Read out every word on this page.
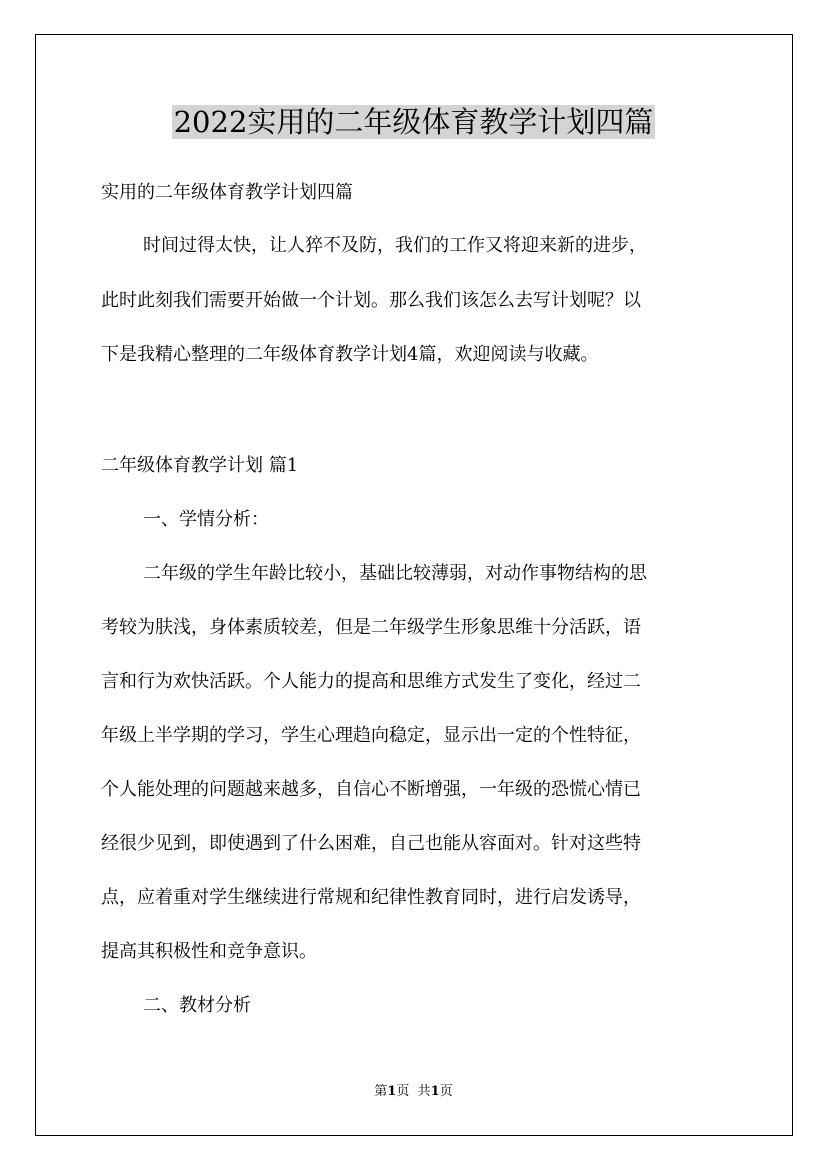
2022实用的二年级体育教学计划四篇
实用的二年级体育教学计划四篇
时间过得太快，让人猝不及防，我们的工作又将迎来新的进步，
此时此刻我们需要开始做一个计划。那么我们该怎么去写计划呢？以
下是我精心整理的二年级体育教学计划4篇，欢迎阅读与收藏。
二年级体育教学计划 篇1
一、学情分析：
二年级的学生年龄比较小，基础比较薄弱，对动作事物结构的思
考较为肤浅，身体素质较差，但是二年级学生形象思维十分活跃，语
言和行为欢快活跃。个人能力的提高和思维方式发生了变化，经过二
年级上半学期的学习，学生心理趋向稳定，显示出一定的个性特征，
个人能处理的问题越来越多，自信心不断增强，一年级的恐慌心情已
经很少见到，即使遇到了什么困难，自己也能从容面对。针对这些特
点，应着重对学生继续进行常规和纪律性教育同时，进行启发诱导，
提高其积极性和竞争意识。
二、教材分析
第1页 共1页
